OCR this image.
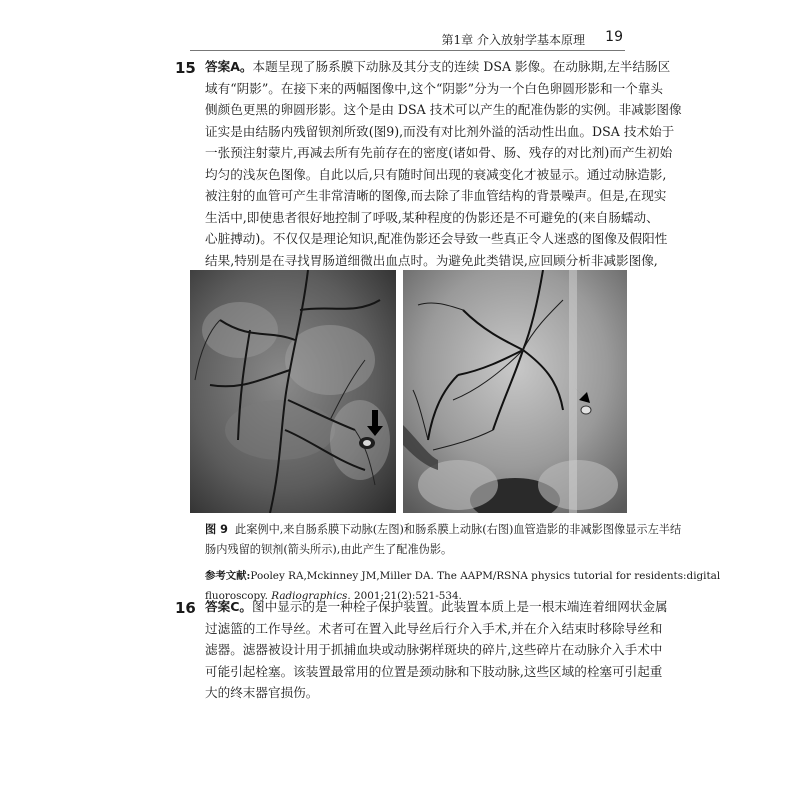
第1章 介入放射学基本原理 19
15 答案A。本题呈现了肠系膜下动脉及其分支的连续 DSA 影像。在动脉期,左半结肠区
域有“阴影”。在接下来的两幅图像中,这个“阴影”分为一个白色卵圆形影和一个靠头
侧颜色更黑的卵圆形影。这个是由 DSA 技术可以产生的配准伪影的实例。非减影图像
证实是由结肠内残留钡剂所致(图9),而没有对比剂外溢的活动性出血。DSA 技术始于
一张预注射蒙片,再减去所有先前存在的密度(诸如骨、肠、残存的对比剂)而产生初始
均匀的浅灰色图像。自此以后,只有随时间出现的衰减变化才被显示。通过动脉造影,
被注射的血管可产生非常清晰的图像,而去除了非血管结构的背景噪声。但是,在现实
生活中,即使患者很好地控制了呼吸,某种程度的伪影还是不可避免的(来自肠蠕动、
心脏搏动)。不仅仅是理论知识,配准伪影还会导致一些真正令人迷惑的图像及假阳性
结果,特别是在寻找胃肠道细微出血点时。为避免此类错误,应回顾分析非减影图像,
图 9 此案例中,来自肠系膜下动脉(左图)和肠系膜上动脉(右图)血管造影的非减影图像显示左半结
肠内残留的钡剂(箭头所示),由此产生了配准伪影。
参考文献:Pooley RA,Mckinney JM,Miller DA. The AAPM/RSNA physics tutorial for residents:digital
fluoroscopy. Radiographics. 2001;21(2):521-534.
16 答案C。图中显示的是一种栓子保护装置。此装置本质上是一根末端连着细网状金属
过滤篮的工作导丝。术者可在置入此导丝后行介入手术,并在介入结束时移除导丝和
滤器。滤器被设计用于抓捕血块或动脉粥样斑块的碎片,这些碎片在动脉介入手术中
可能引起栓塞。该装置最常用的位置是颈动脉和下肢动脉,这些区域的栓塞可引起重
大的终末器官损伤。
